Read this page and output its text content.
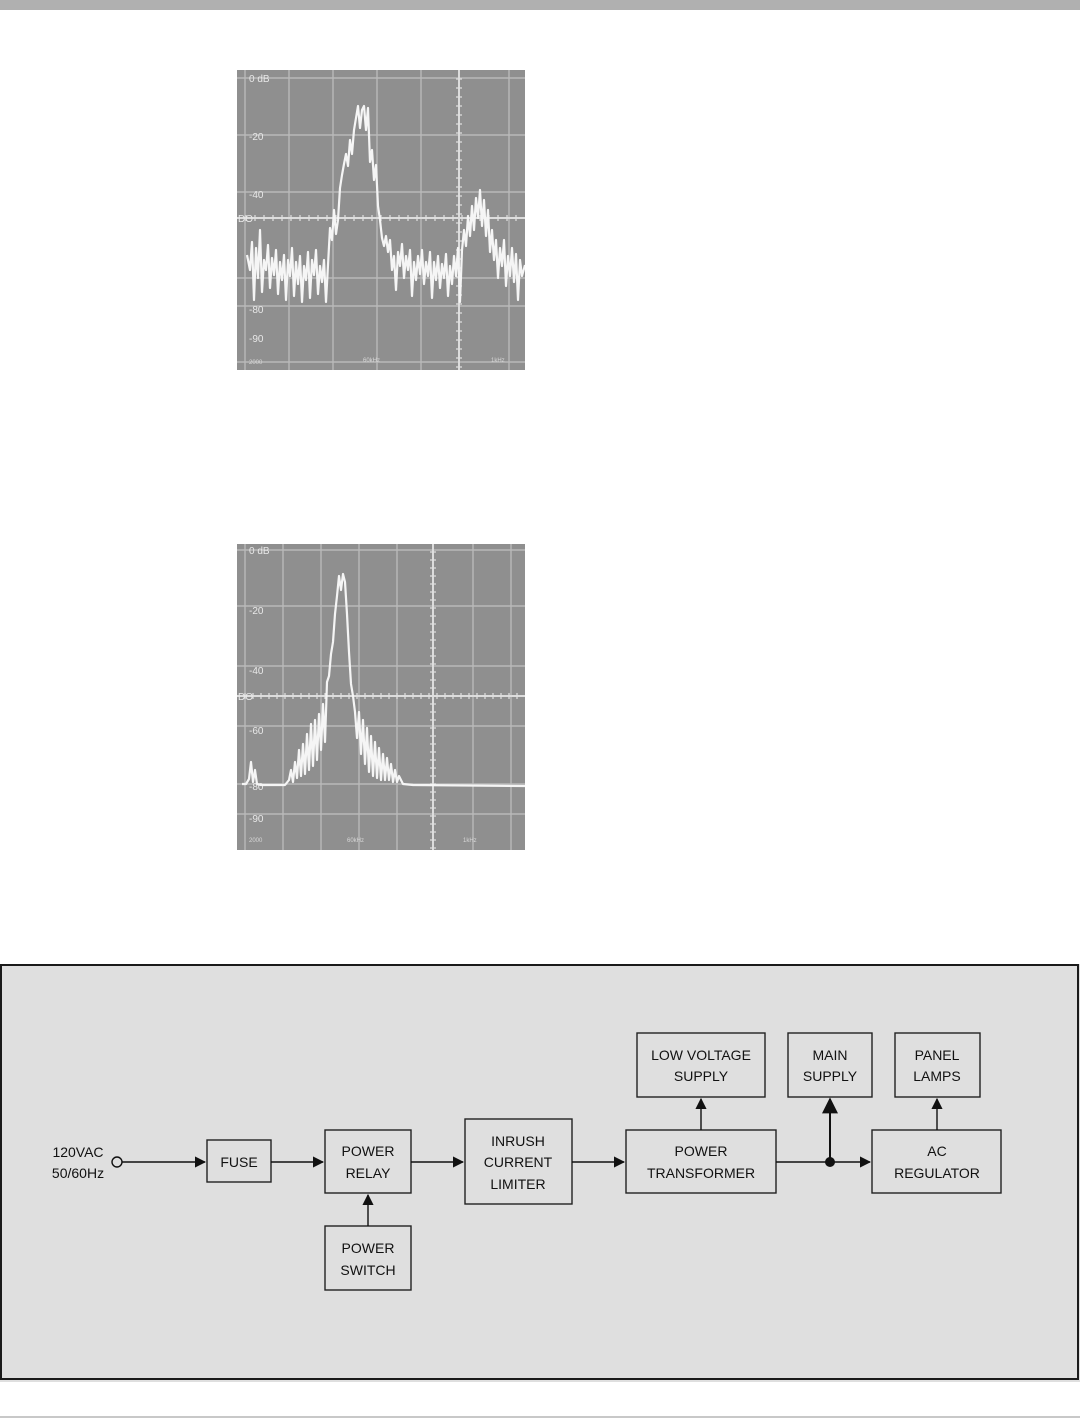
0 dB
-20
-40
DO
-80
-90
2000	60kHz	1kHz
0 dB
-20
-40
DO
-60
-80
-90
2000	60kHz	1kHz
120VAC
50/60Hz
FUSE
POWER
RELAY
POWER
SWITCH
INRUSH
CURRENT
LIMITER
POWER
TRANSFORMER
LOW VOLTAGE
SUPPLY
MAIN
SUPPLY
AC
REGULATOR
PANEL
LAMPS
